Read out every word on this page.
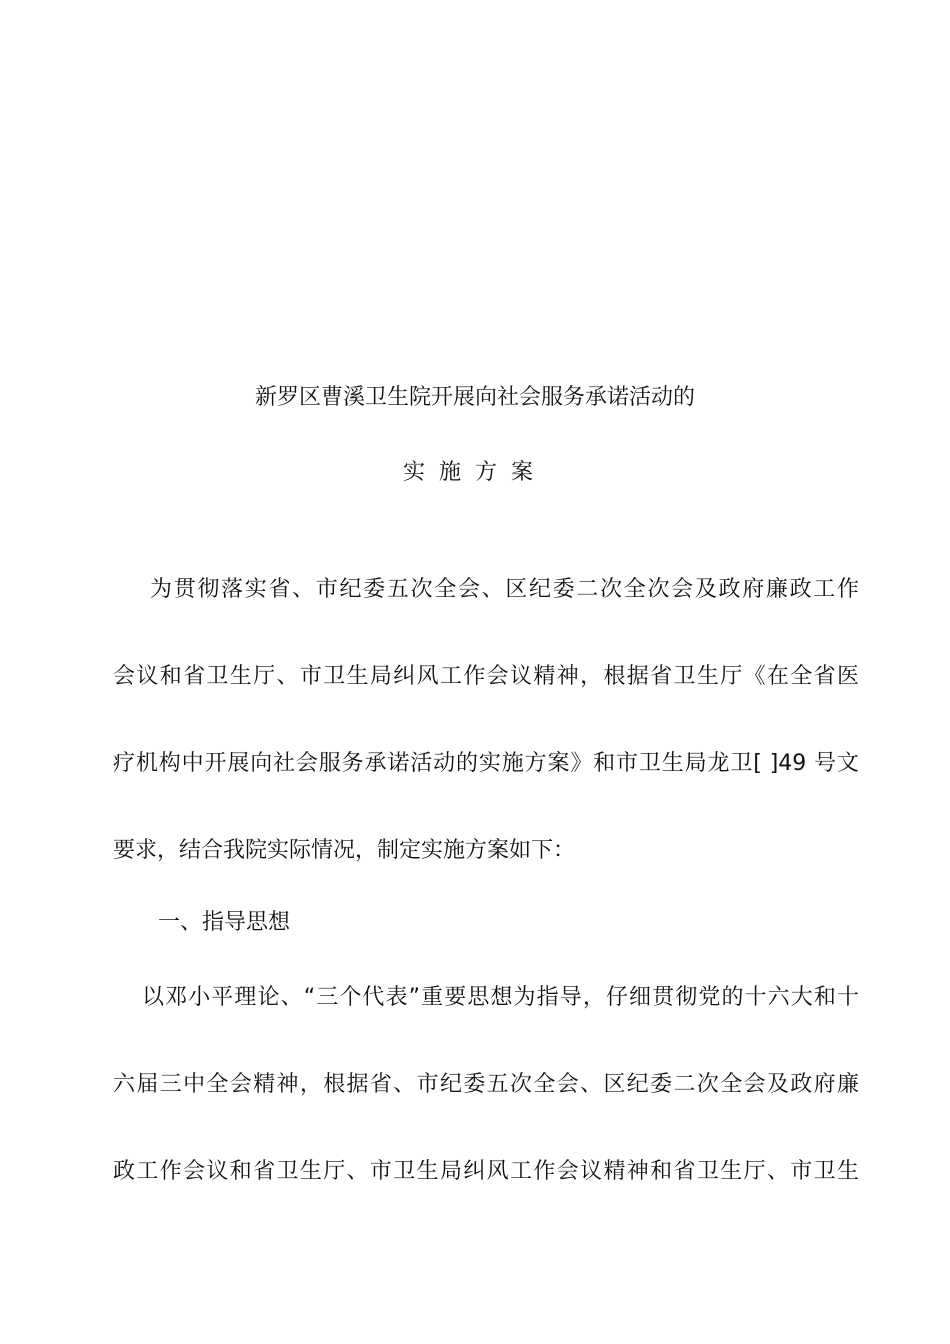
新罗区曹溪卫生院开展向社会服务承诺活动的
实施方案
为贯彻落实省、市纪委五次全会、区纪委二次全次会及政府廉政工作
会议和省卫生厅、市卫生局纠风工作会议精神，根据省卫生厅《在全省医
疗机构中开展向社会服务承诺活动的实施方案》和市卫生局龙卫[ ]49 号文
要求，结合我院实际情况，制定实施方案如下：
一、指导思想
以邓小平理论、“三个代表”重要思想为指导，仔细贯彻党的十六大和十
六届三中全会精神，根据省、市纪委五次全会、区纪委二次全会及政府廉
政工作会议和省卫生厅、市卫生局纠风工作会议精神和省卫生厅、市卫生
